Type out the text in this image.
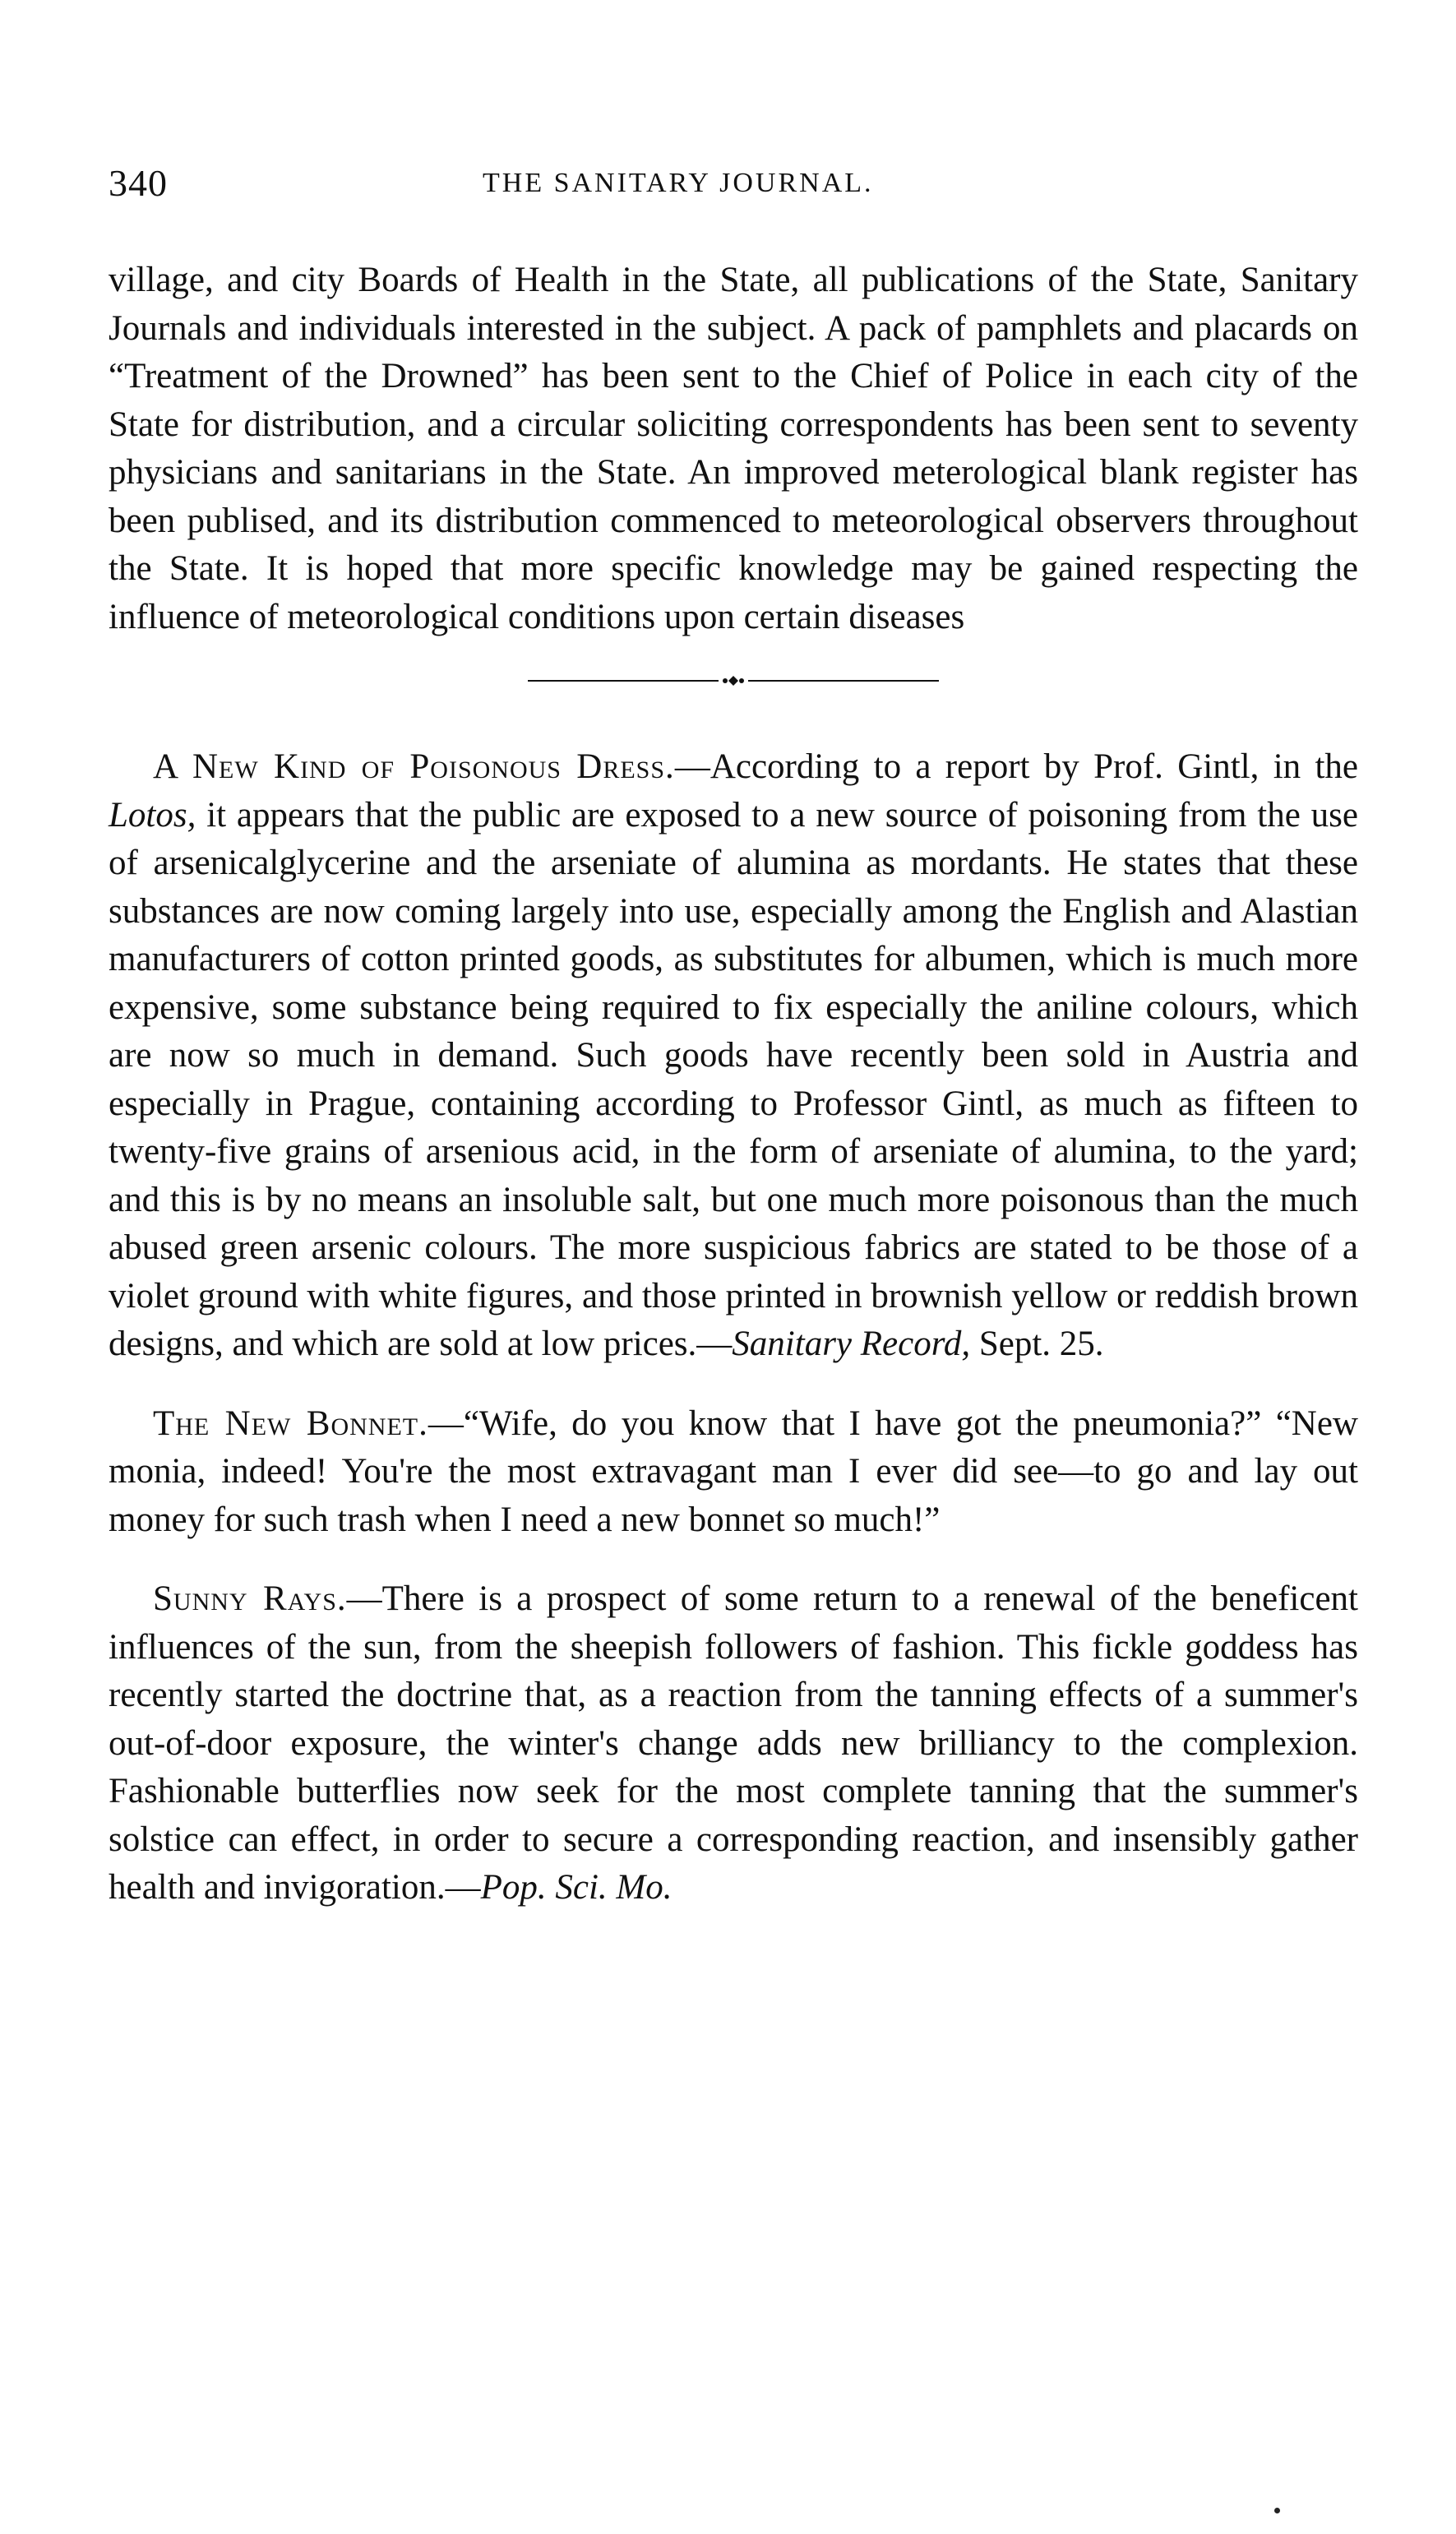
340	THE SANITARY JOURNAL.

village, and city Boards of Health in the State, all publications of the State, Sanitary Journals and individuals interested in the subject. A pack of pamphlets and placards on “Treatment of the Drowned” has been sent to the Chief of Police in each city of the State for distribution, and a circular soliciting correspondents has been sent to seventy physicians and sanitarians in the State. An improved meterological blank register has been publised, and its distribution commenced to meteorological observers throughout the State. It is hoped that more specific knowledge may be gained respecting the influence of meteorological conditions upon certain diseases

A New Kind of Poisonous Dress.—According to a report by Prof. Gintl, in the Lotos, it appears that the public are exposed to a new source of poisoning from the use of arsenicalglycerine and the arseniate of alumina as mordants. He states that these substances are now coming largely into use, especially among the English and Alastian manufacturers of cotton printed goods, as substitutes for albumen, which is much more expensive, some substance being required to fix especially the aniline colours, which are now so much in demand. Such goods have recently been sold in Austria and especially in Prague, containing according to Professor Gintl, as much as fifteen to twenty-five grains of arsenious acid, in the form of arseniate of alumina, to the yard; and this is by no means an insoluble salt, but one much more poisonous than the much abused green arsenic colours. The more suspicious fabrics are stated to be those of a violet ground with white figures, and those printed in brownish yellow or reddish brown designs, and which are sold at low prices.—Sanitary Record, Sept. 25.

The New Bonnet.—“Wife, do you know that I have got the pneumonia?” “New monia, indeed! You're the most extravagant man I ever did see—to go and lay out money for such trash when I need a new bonnet so much!”

Sunny Rays.—There is a prospect of some return to a renewal of the beneficent influences of the sun, from the sheepish followers of fashion. This fickle goddess has recently started the doctrine that, as a reaction from the tanning effects of a summer's out-of-door exposure, the winter's change adds new brilliancy to the complexion. Fashionable butterflies now seek for the most complete tanning that the summer's solstice can effect, in order to secure a corresponding reaction, and insensibly gather health and invigoration.—Pop. Sci. Mo.
